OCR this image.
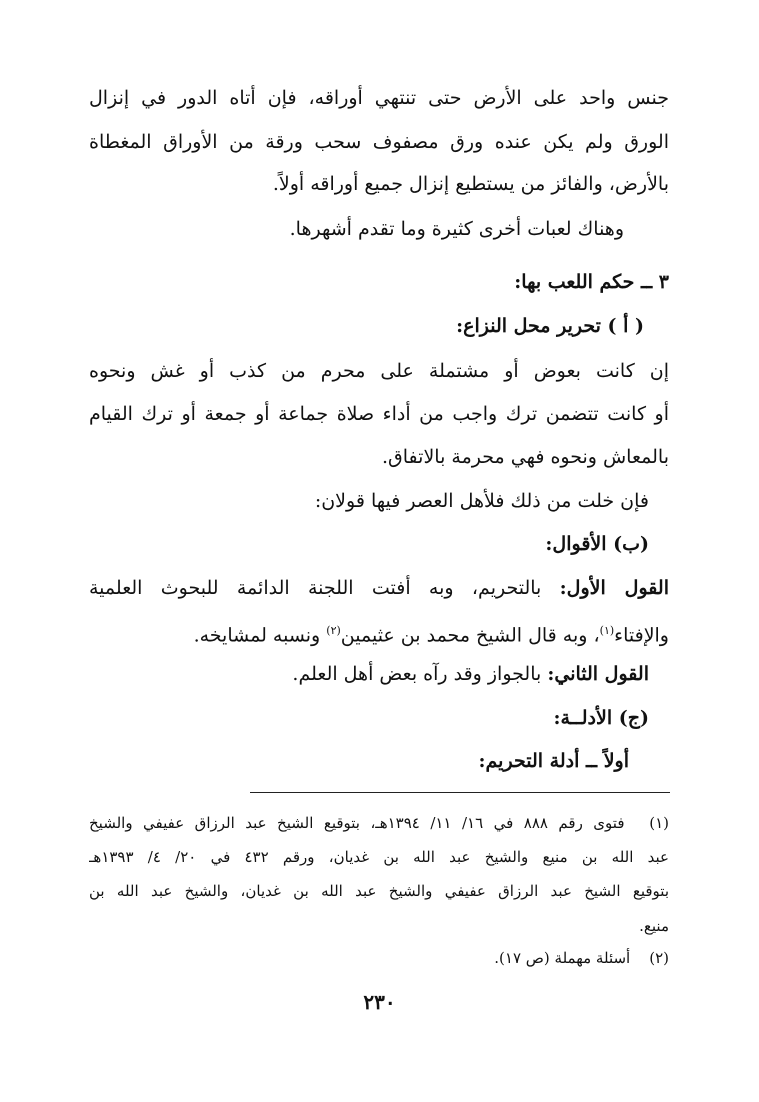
جنس واحد على الأرض حتى تنتهي أوراقه، فإن أتاه الدور في إنزال
الورق ولم يكن عنده ورق مصفوف سحب ورقة من الأوراق المغطاة
بالأرض، والفائز من يستطيع إنزال جميع أوراقه أولاً.
وهناك لعبات أخرى كثيرة وما تقدم أشهرها.
٣ ــ حكم اللعب بها:
( أ ) تحرير محل النزاع:
إن كانت بعوض أو مشتملة على محرم من كذب أو غش ونحوه
أو كانت تتضمن ترك واجب من أداء صلاة جماعة أو جمعة أو ترك القيام
بالمعاش ونحوه فهي محرمة بالاتفاق.
فإن خلت من ذلك فلأهل العصر فيها قولان:
(ب) الأقوال:
القول الأول: بالتحريم، وبه أفتت اللجنة الدائمة للبحوث العلمية
والإفتاء$^{(١)}$، وبه قال الشيخ محمد بن عثيمين$^{(٢)}$ ونسبه لمشايخه.
القول الثاني: بالجواز وقد رآه بعض أهل العلم.
(ج) الأدلــة:
أولاً ــ أدلة التحريم:
(١) فتوى رقم ٨٨٨ في ١٦/ ١١/ ١٣٩٤هـ، بتوقيع الشيخ عبد الرزاق عفيفي والشيخ
عبد الله بن منيع والشيخ عبد الله بن غديان، ورقم ٤٣٢ في ٢٠/ ٤/ ١٣٩٣هـ
بتوقيع الشيخ عبد الرزاق عفيفي والشيخ عبد الله بن غديان، والشيخ عبد الله بن
منيع.
(٢) أسئلة مهملة (ص ١٧).
٢٣٠
